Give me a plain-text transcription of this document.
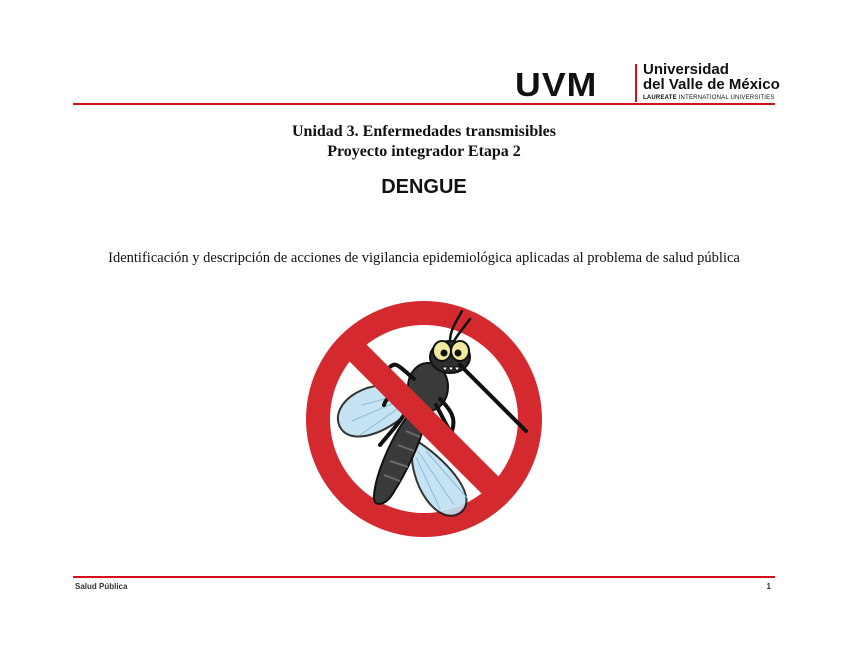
UVM	Universidad
del Valle de México
LAUREATE INTERNATIONAL UNIVERSITIES
Unidad 3. Enfermedades transmisibles
Proyecto integrador Etapa 2
DENGUE
Identificación y descripción de acciones de vigilancia epidemiológica aplicadas al problema de salud pública
Salud Pública	1
